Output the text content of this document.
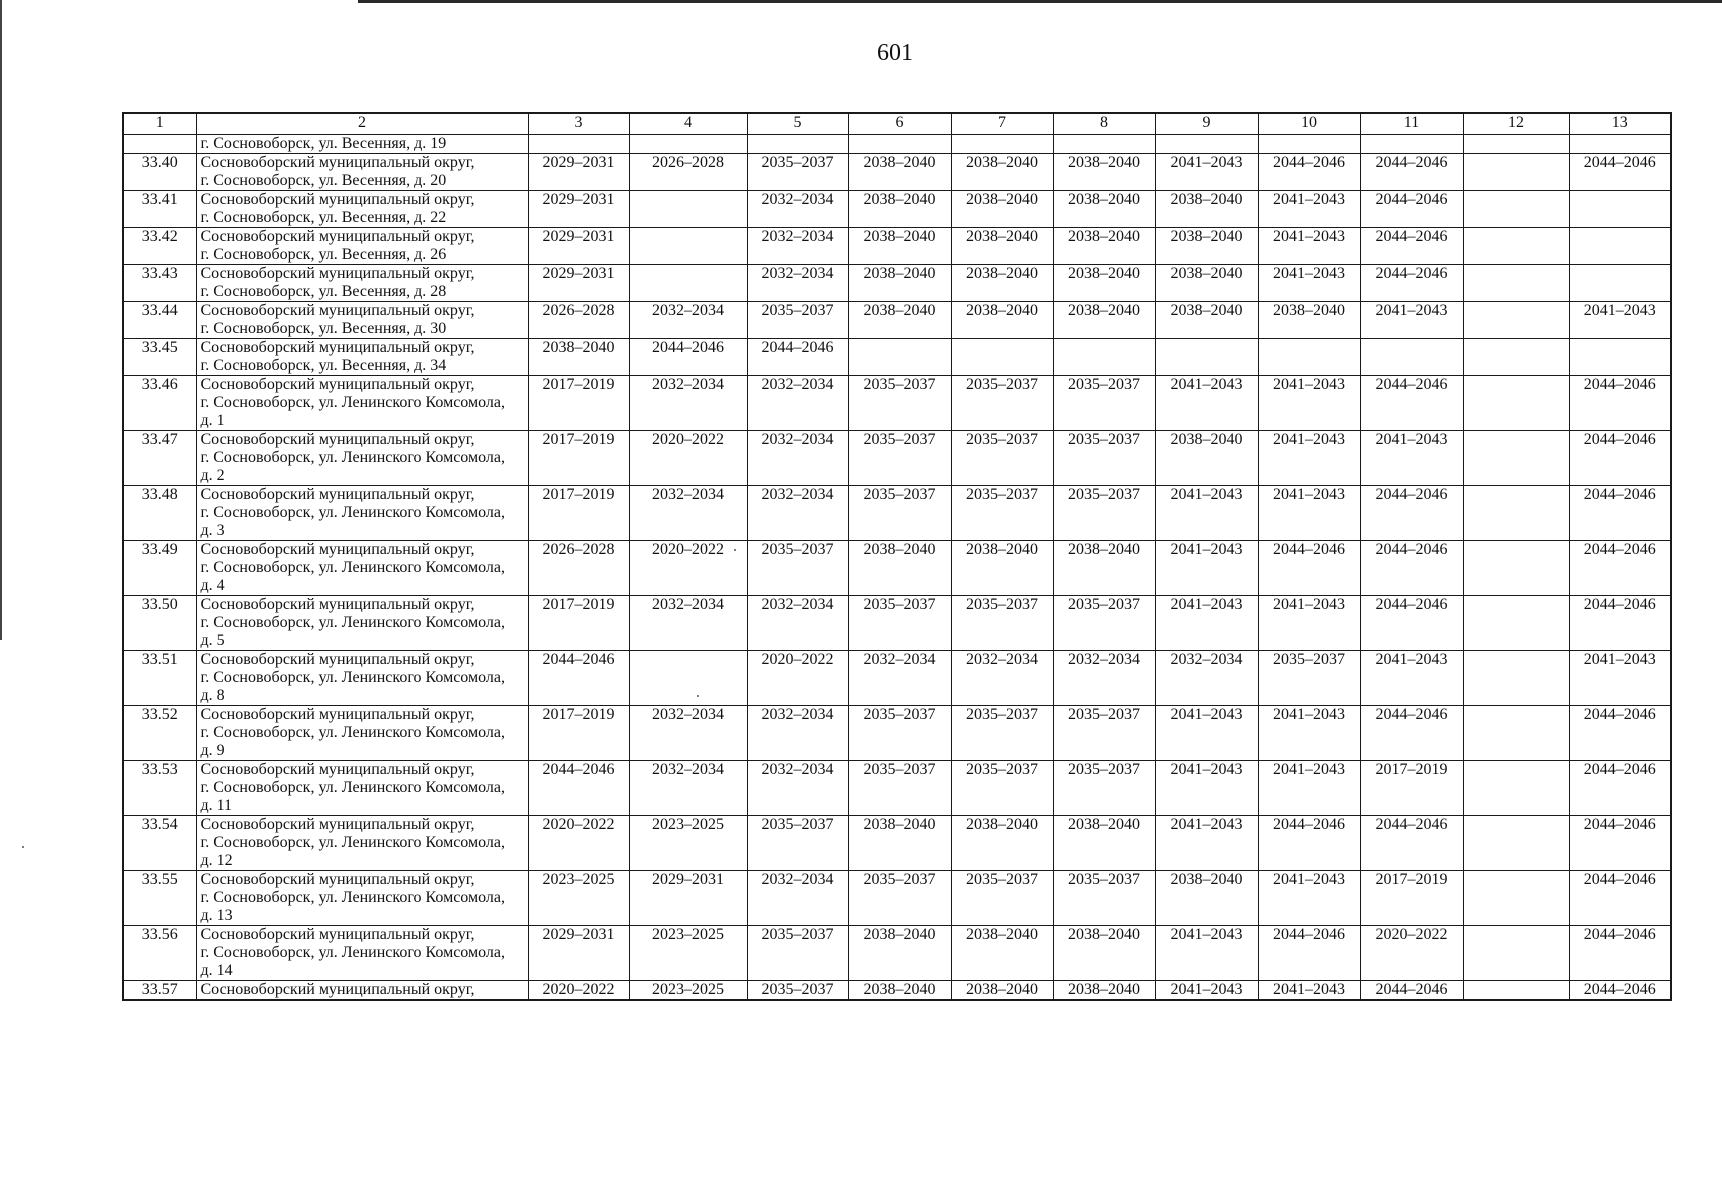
601
1	2	3	4	5	6	7	8	9	10	11	12	13

	г. Сосновоборск, ул. Весенняя, д. 19											

33.40	Сосновоборский муниципальный округ,
г. Сосновоборск, ул. Весенняя, д. 20	2029–2031	2026–2028	2035–2037	2038–2040	2038–2040	2038–2040	2041–2043	2044–2046	2044–2046		2044–2046
33.41	Сосновоборский муниципальный округ,
г. Сосновоборск, ул. Весенняя, д. 22	2029–2031		2032–2034	2038–2040	2038–2040	2038–2040	2038–2040	2041–2043	2044–2046		
33.42	Сосновоборский муниципальный округ,
г. Сосновоборск, ул. Весенняя, д. 26	2029–2031		2032–2034	2038–2040	2038–2040	2038–2040	2038–2040	2041–2043	2044–2046		
33.43	Сосновоборский муниципальный округ,
г. Сосновоборск, ул. Весенняя, д. 28	2029–2031		2032–2034	2038–2040	2038–2040	2038–2040	2038–2040	2041–2043	2044–2046		
33.44	Сосновоборский муниципальный округ,
г. Сосновоборск, ул. Весенняя, д. 30	2026–2028	2032–2034	2035–2037	2038–2040	2038–2040	2038–2040	2038–2040	2038–2040	2041–2043		2041–2043
33.45	Сосновоборский муниципальный округ,
г. Сосновоборск, ул. Весенняя, д. 34	2038–2040	2044–2046	2044–2046								
33.46	Сосновоборский муниципальный округ,
г. Сосновоборск, ул. Ленинского Комсомола,
д. 1	2017–2019	2032–2034	2032–2034	2035–2037	2035–2037	2035–2037	2041–2043	2041–2043	2044–2046		2044–2046
33.47	Сосновоборский муниципальный округ,
г. Сосновоборск, ул. Ленинского Комсомола,
д. 2	2017–2019	2020–2022	2032–2034	2035–2037	2035–2037	2035–2037	2038–2040	2041–2043	2041–2043		2044–2046
33.48	Сосновоборский муниципальный округ,
г. Сосновоборск, ул. Ленинского Комсомола,
д. 3	2017–2019	2032–2034	2032–2034	2035–2037	2035–2037	2035–2037	2041–2043	2041–2043	2044–2046		2044–2046
33.49	Сосновоборский муниципальный округ,
г. Сосновоборск, ул. Ленинского Комсомола,
д. 4	2026–2028	2020–2022	2035–2037	2038–2040	2038–2040	2038–2040	2041–2043	2044–2046	2044–2046		2044–2046
33.50	Сосновоборский муниципальный округ,
г. Сосновоборск, ул. Ленинского Комсомола,
д. 5	2017–2019	2032–2034	2032–2034	2035–2037	2035–2037	2035–2037	2041–2043	2041–2043	2044–2046		2044–2046
33.51	Сосновоборский муниципальный округ,
г. Сосновоборск, ул. Ленинского Комсомола,
д. 8	2044–2046		2020–2022	2032–2034	2032–2034	2032–2034	2032–2034	2035–2037	2041–2043		2041–2043
33.52	Сосновоборский муниципальный округ,
г. Сосновоборск, ул. Ленинского Комсомола,
д. 9	2017–2019	2032–2034	2032–2034	2035–2037	2035–2037	2035–2037	2041–2043	2041–2043	2044–2046		2044–2046
33.53	Сосновоборский муниципальный округ,
г. Сосновоборск, ул. Ленинского Комсомола,
д. 11	2044–2046	2032–2034	2032–2034	2035–2037	2035–2037	2035–2037	2041–2043	2041–2043	2017–2019		2044–2046
33.54	Сосновоборский муниципальный округ,
г. Сосновоборск, ул. Ленинского Комсомола,
д. 12	2020–2022	2023–2025	2035–2037	2038–2040	2038–2040	2038–2040	2041–2043	2044–2046	2044–2046		2044–2046
33.55	Сосновоборский муниципальный округ,
г. Сосновоборск, ул. Ленинского Комсомола,
д. 13	2023–2025	2029–2031	2032–2034	2035–2037	2035–2037	2035–2037	2038–2040	2041–2043	2017–2019		2044–2046
33.56	Сосновоборский муниципальный округ,
г. Сосновоборск, ул. Ленинского Комсомола,
д. 14	2029–2031	2023–2025	2035–2037	2038–2040	2038–2040	2038–2040	2041–2043	2044–2046	2020–2022		2044–2046
33.57	Сосновоборский муниципальный округ,	2020–2022	2023–2025	2035–2037	2038–2040	2038–2040	2038–2040	2041–2043	2041–2043	2044–2046		2044–2046
